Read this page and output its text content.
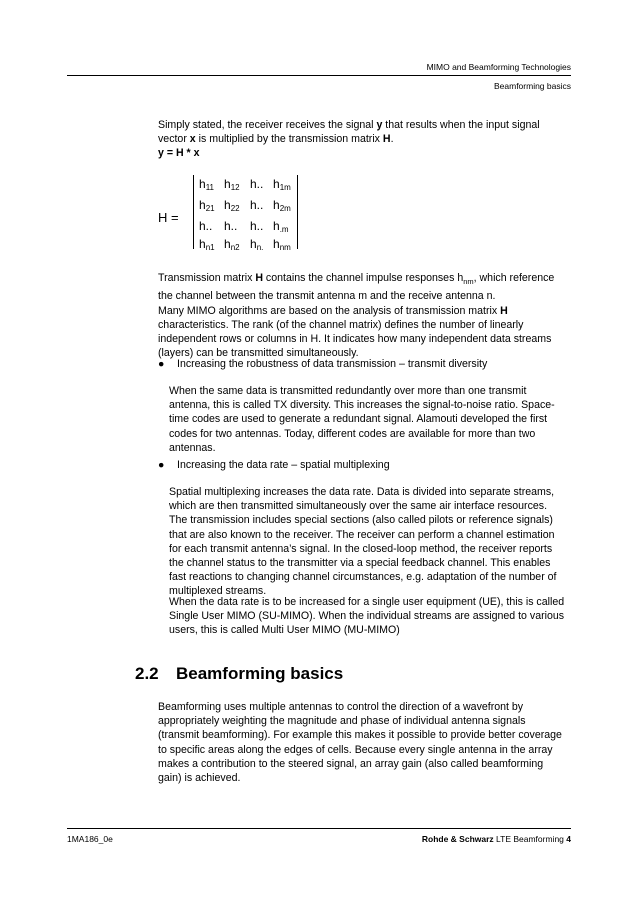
MIMO and Beamforming Technologies
Beamforming basics

Simply stated, the receiver receives the signal y that results when the input signal vector x is multiplied by the transmission matrix H.

y = H * x
H =
$h_{11}$ $h_{12}$ h.. $h_{1m}$
$h_{21}$ $h_{22}$ h.. $h_{2m}$
h.. h.. h.. $h_{.m}$
$h_{n1}$ $h_{n2}$ $h_{n.}$ $h_{nm}$

Transmission matrix H contains the channel impulse responses $h_{nm}$, which reference the channel between the transmit antenna m and the receive antenna n.

Many MIMO algorithms are based on the analysis of transmission matrix H characteristics. The rank (of the channel matrix) defines the number of linearly independent rows or columns in H. It indicates how many independent data streams (layers) can be transmitted simultaneously.

● Increasing the robustness of data transmission – transmit diversity
When the same data is transmitted redundantly over more than one transmit antenna, this is called TX diversity. This increases the signal-to-noise ratio. Space-time codes are used to generate a redundant signal. Alamouti developed the first codes for two antennas. Today, different codes are available for more than two antennas.
● Increasing the data rate – spatial multiplexing
Spatial multiplexing increases the data rate. Data is divided into separate streams, which are then transmitted simultaneously over the same air interface resources. The transmission includes special sections (also called pilots or reference signals) that are also known to the receiver. The receiver can perform a channel estimation for each transmit antenna’s signal. In the closed-loop method, the receiver reports the channel status to the transmitter via a special feedback channel. This enables fast reactions to changing channel circumstances, e.g. adaptation of the number of multiplexed streams.
When the data rate is to be increased for a single user equipment (UE), this is called Single User MIMO (SU-MIMO). When the individual streams are assigned to various users, this is called Multi User MIMO (MU-MIMO)
2.2 Beamforming basics
Beamforming uses multiple antennas to control the direction of a wavefront by appropriately weighting the magnitude and phase of individual antenna signals (transmit beamforming). For example this makes it possible to provide better coverage to specific areas along the edges of cells. Because every single antenna in the array makes a contribution to the steered signal, an array gain (also called beamforming gain) is achieved.
1MA186_0e	Rohde & Schwarz LTE Beamforming 4
